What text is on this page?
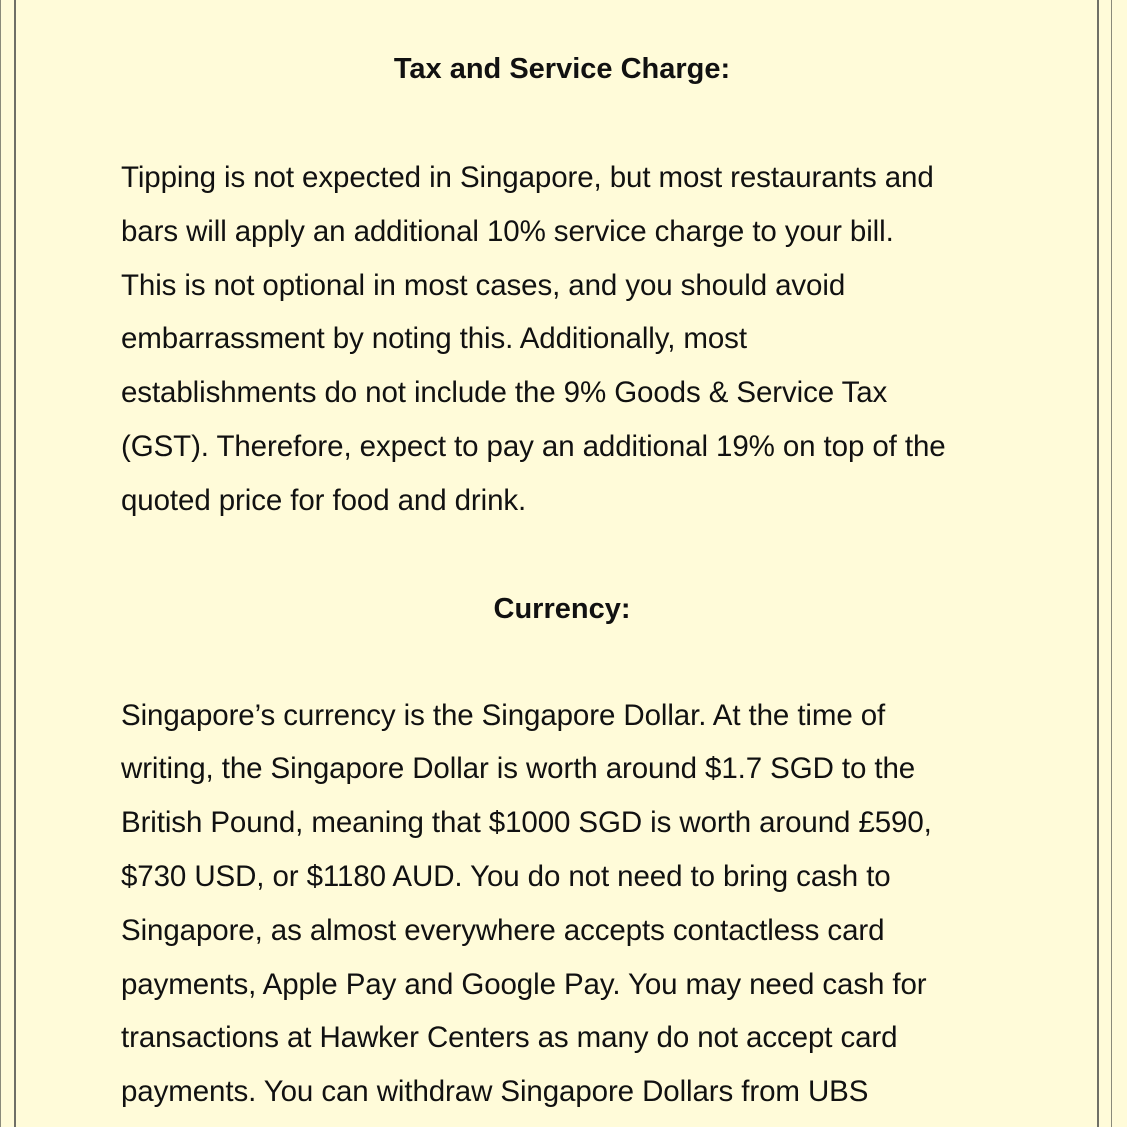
Tax and Service Charge:

Tipping is not expected in Singapore, but most restaurants and

bars will apply an additional 10% service charge to your bill.

This is not optional in most cases, and you should avoid

embarrassment by noting this. Additionally, most

establishments do not include the 9% Goods & Service Tax

(GST). Therefore, expect to pay an additional 19% on top of the

quoted price for food and drink.

Currency:

Singapore’s currency is the Singapore Dollar. At the time of

writing, the Singapore Dollar is worth around $1.7 SGD to the

British Pound, meaning that $1000 SGD is worth around £590,

$730 USD, or $1180 AUD. You do not need to bring cash to

Singapore, as almost everywhere accepts contactless card

payments, Apple Pay and Google Pay. You may need cash for

transactions at Hawker Centers as many do not accept card

payments. You can withdraw Singapore Dollars from UBS
